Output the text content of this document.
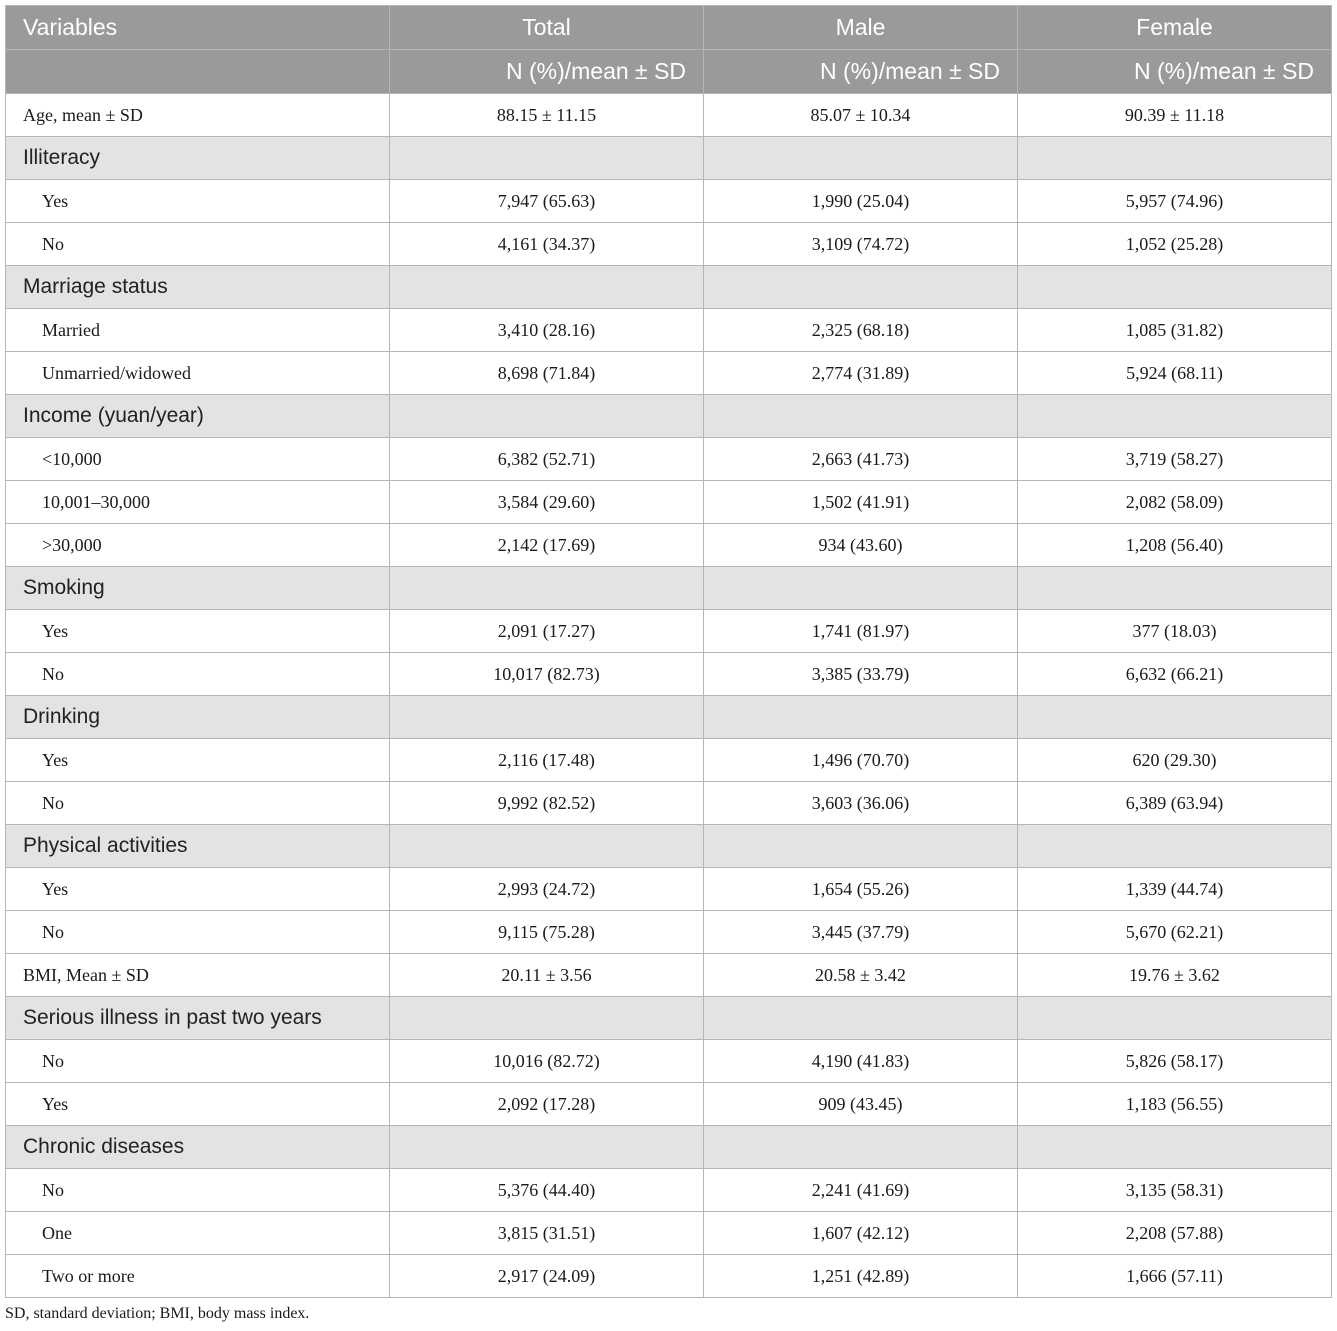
Variables	Total	Male	Female
	N (%)/mean ± SD	N (%)/mean ± SD	N (%)/mean ± SD
Age, mean ± SD	88.15 ± 11.15	85.07 ± 10.34	90.39 ± 11.18
Illiteracy			
Yes	7,947 (65.63)	1,990 (25.04)	5,957 (74.96)
No	4,161 (34.37)	3,109 (74.72)	1,052 (25.28)
Marriage status			
Married	3,410 (28.16)	2,325 (68.18)	1,085 (31.82)
Unmarried/widowed	8,698 (71.84)	2,774 (31.89)	5,924 (68.11)
Income (yuan/year)			
<10,000	6,382 (52.71)	2,663 (41.73)	3,719 (58.27)
10,001–30,000	3,584 (29.60)	1,502 (41.91)	2,082 (58.09)
>30,000	2,142 (17.69)	934 (43.60)	1,208 (56.40)
Smoking			
Yes	2,091 (17.27)	1,741 (81.97)	377 (18.03)
No	10,017 (82.73)	3,385 (33.79)	6,632 (66.21)
Drinking			
Yes	2,116 (17.48)	1,496 (70.70)	620 (29.30)
No	9,992 (82.52)	3,603 (36.06)	6,389 (63.94)
Physical activities			
Yes	2,993 (24.72)	1,654 (55.26)	1,339 (44.74)
No	9,115 (75.28)	3,445 (37.79)	5,670 (62.21)
BMI, Mean ± SD	20.11 ± 3.56	20.58 ± 3.42	19.76 ± 3.62
Serious illness in past two years			
No	10,016 (82.72)	4,190 (41.83)	5,826 (58.17)
Yes	2,092 (17.28)	909 (43.45)	1,183 (56.55)
Chronic diseases			
No	5,376 (44.40)	2,241 (41.69)	3,135 (58.31)
One	3,815 (31.51)	1,607 (42.12)	2,208 (57.88)
Two or more	2,917 (24.09)	1,251 (42.89)	1,666 (57.11)
SD, standard deviation; BMI, body mass index.
